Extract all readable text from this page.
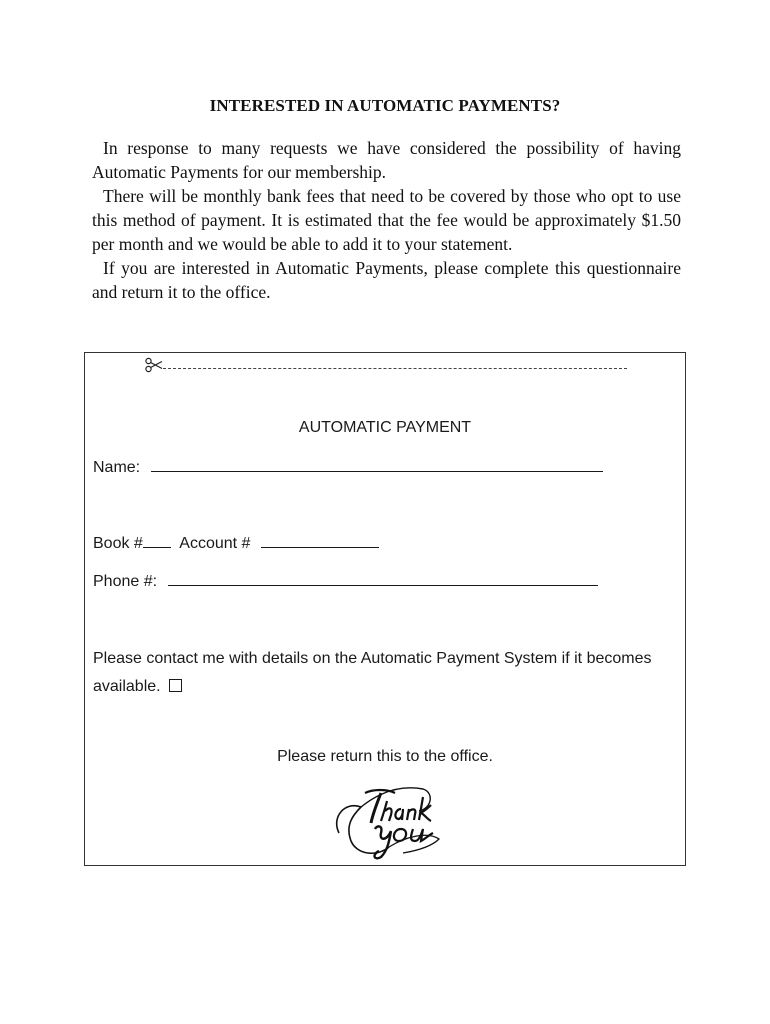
INTERESTED IN AUTOMATIC PAYMENTS?

In response to many requests we have considered the possibility of having Automatic Payments for our membership.

There will be monthly bank fees that need to be covered by those who opt to use this method of payment. It is estimated that the fee would be approximately $1.50 per month and we would be able to add it to your statement.

If you are interested in Automatic Payments, please complete this questionnaire and return it to the office.

AUTOMATIC PAYMENT
Name:
Book # Account #
Phone #:
Please contact me with details on the Automatic Payment System if it becomes available.
Please return this to the office.
